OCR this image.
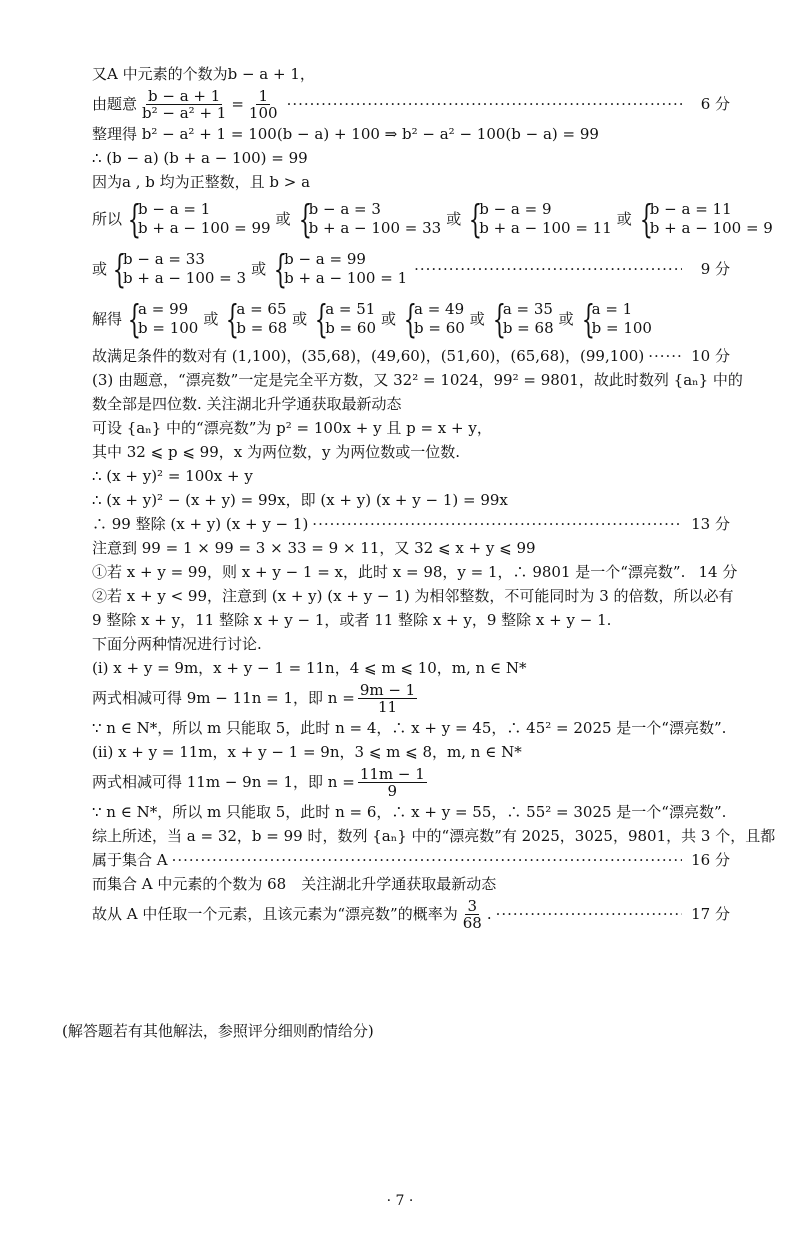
又A 中元素的个数为b − a + 1，
由题意 $\frac{b - a + 1}{\text{b² − a² + 1}} = \frac{1}{100}$ ·····	6 分
整理得 b² − a² + 1 = 100(b − a) + 100 ⇒ b² − a² − 100(b − a) = 99
∴ (b − a) (b + a − 100) = 99
因为a , b 均为正整数，且 b > a
所以 {
b − a = 1
b + a − 100 = 99 或 {
b − a = 3
b + a − 100 = 33 或 {
b − a = 9
b + a − 100 = 11 或 {
b − a = 11
b + a − 100 = 9
或 {
b − a = 33
b + a − 100 = 3 或 {
b − a = 99
b + a − 100 = 1 ·····	9 分
解得 {
a = 99
b = 100 或 {
a = 65
b = 68 或 {
a = 51
b = 60 或 {
a = 49
b = 60 或 {
a = 35
b = 68 或 {
a = 1
b = 100
故满足条件的数对有 (1,100)，(35,68)，(49,60)，(51,60)，(65,68)，(99,100) ·····	10 分
(3) 由题意，“漂亮数”一定是完全平方数，又 32² = 1024，99² = 9801，故此时数列 {aₙ} 中的
数全部是四位数. 关注湖北升学通获取最新动态
可设 {aₙ} 中的“漂亮数”为 p² = 100x + y 且 p = x + y，
其中 32 ⩽ p ⩽ 99，x 为两位数，y 为两位数或一位数.
∴ (x + y)² = 100x + y
∴ (x + y)² − (x + y) = 99x，即 (x + y) (x + y − 1) = 99x
∴ 99 整除 (x + y) (x + y − 1) ·····	13 分
注意到 99 = 1 × 99 = 3 × 33 = 9 × 11，又 32 ⩽ x + y ⩽ 99
①若 x + y = 99，则 x + y − 1 = x，此时 x = 98，y = 1，∴ 9801 是一个“漂亮数”. 14 分
②若 x + y < 99，注意到 (x + y) (x + y − 1) 为相邻整数，不可能同时为 3 的倍数，所以必有
9 整除 x + y，11 整除 x + y − 1，或者 11 整除 x + y，9 整除 x + y − 1.
下面分两种情况进行讨论.
(i) x + y = 9m，x + y − 1 = 11n，4 ⩽ m ⩽ 10，m, n ∈ N*
两式相减可得 9m − 11n = 1，即 $n = \frac{9m - 1}{11}$
∵ n ∈ N*，所以 m 只能取 5，此时 n = 4，∴ x + y = 45，∴ 45² = 2025 是一个“漂亮数”.
(ii) x + y = 11m，x + y − 1 = 9n，3 ⩽ m ⩽ 8，m, n ∈ N*
两式相减可得 11m − 9n = 1，即 $n = \frac{11m - 1}{9}$
∵ n ∈ N*，所以 m 只能取 5，此时 n = 6，∴ x + y = 55，∴ 55² = 3025 是一个“漂亮数”.
综上所述，当 a = 32，b = 99 时，数列 {aₙ} 中的“漂亮数”有 2025，3025，9801，共 3 个，且都
属于集合 A ·····	16 分
而集合 A 中元素的个数为 68　关注湖北升学通获取最新动态
故从 A 中任取一个元素，且该元素为“漂亮数”的概率为 $\frac{3}{68}$ . ·····	17 分
(解答题若有其他解法，参照评分细则酌情给分)
· 7 ·
